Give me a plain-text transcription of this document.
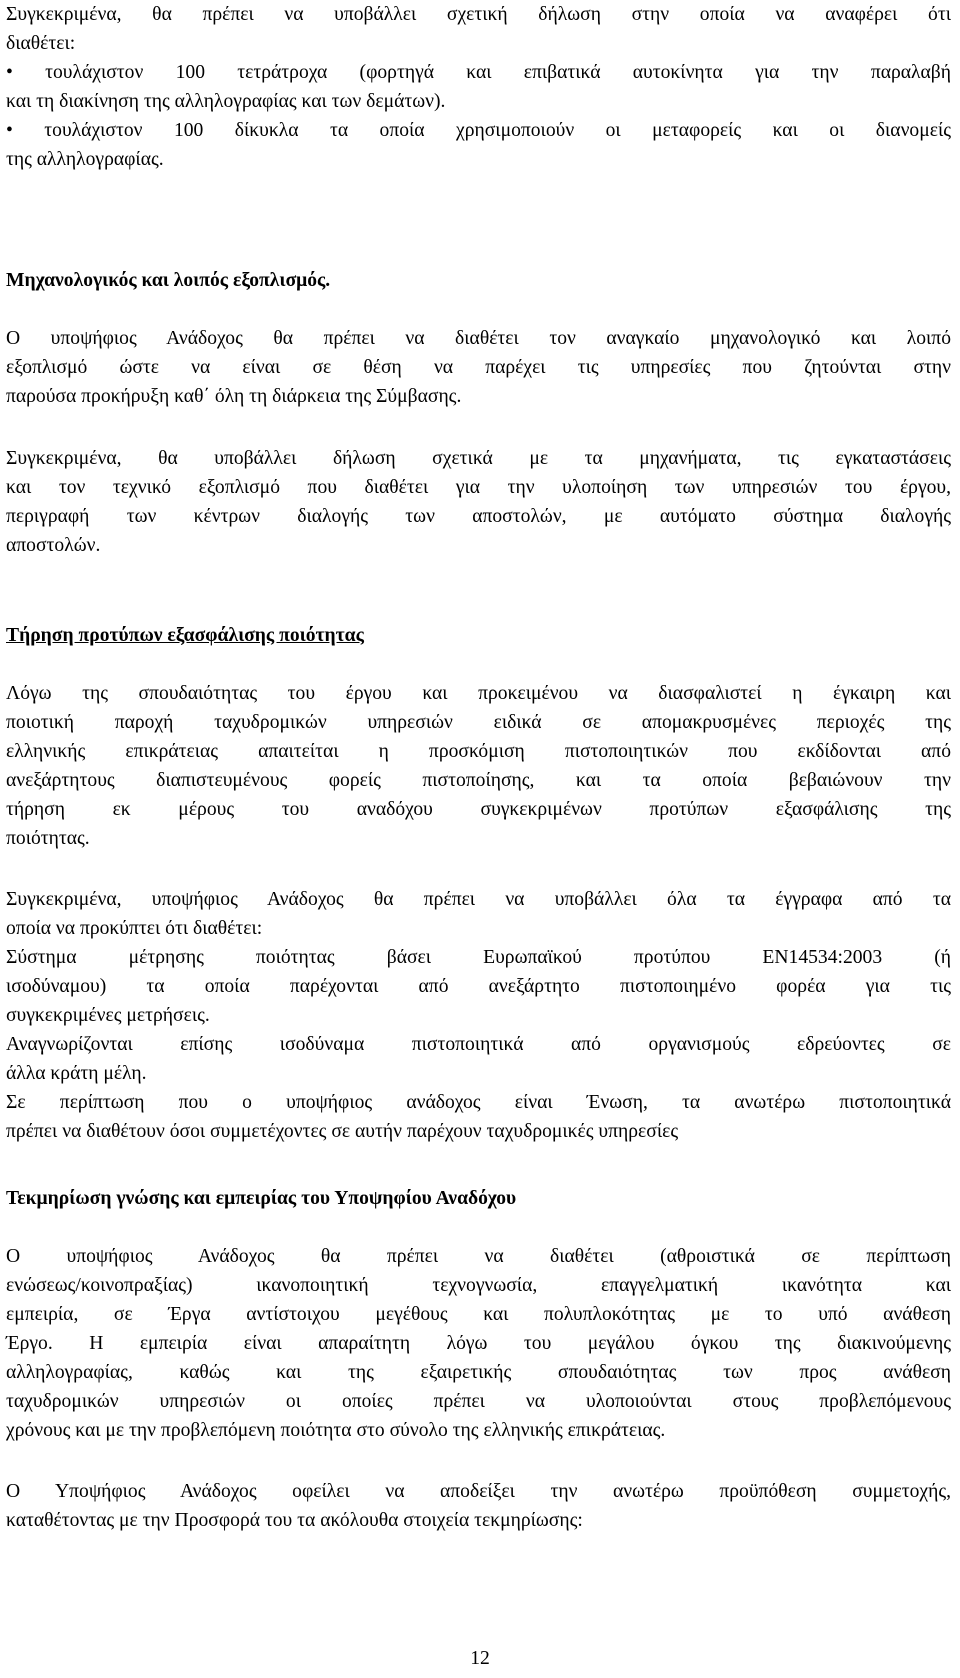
Συγκεκριμένα, θα πρέπει να υποβάλλει σχετική δήλωση στην οποία να αναφέρει ότι
διαθέτει:
• τουλάχιστον 100 τετράτροχα (φορτηγά και επιβατικά αυτοκίνητα για την παραλαβή
και τη διακίνηση της αλληλογραφίας και των δεμάτων).
• τουλάχιστον 100 δίκυκλα τα οποία χρησιμοποιούν οι μεταφορείς και οι διανομείς
της αλληλογραφίας.
Μηχανολογικός και λοιπός εξοπλισμός.
Ο υποψήφιος Ανάδοχος θα πρέπει να διαθέτει τον αναγκαίο μηχανολογικό και λοιπό
εξοπλισμό ώστε να είναι σε θέση να παρέχει τις υπηρεσίες που ζητούνται στην
παρούσα προκήρυξη καθ΄ όλη τη διάρκεια της Σύμβασης.
Συγκεκριμένα, θα υποβάλλει δήλωση σχετικά με τα μηχανήματα, τις εγκαταστάσεις
και τον τεχνικό εξοπλισμό που διαθέτει για την υλοποίηση των υπηρεσιών του έργου,
περιγραφή των κέντρων διαλογής των αποστολών, με αυτόματο σύστημα διαλογής
αποστολών.
Τήρηση προτύπων εξασφάλισης ποιότητας
Λόγω της σπουδαιότητας του έργου και προκειμένου να διασφαλιστεί η έγκαιρη και
ποιοτική παροχή ταχυδρομικών υπηρεσιών ειδικά σε απομακρυσμένες περιοχές της
ελληνικής επικράτειας απαιτείται η προσκόμιση πιστοποιητικών που εκδίδονται από
ανεξάρτητους διαπιστευμένους φορείς πιστοποίησης, και τα οποία βεβαιώνουν την
τήρηση εκ μέρους του αναδόχου συγκεκριμένων προτύπων εξασφάλισης της
ποιότητας.
Συγκεκριμένα, υποψήφιος Ανάδοχος θα πρέπει να υποβάλλει όλα τα έγγραφα από τα
οποία να προκύπτει ότι διαθέτει:
Σύστημα μέτρησης ποιότητας βάσει Ευρωπαϊκού προτύπου ΕΝ14534:2003 (ή
ισοδύναμου) τα οποία παρέχονται από ανεξάρτητο πιστοποιημένο φορέα για τις
συγκεκριμένες μετρήσεις.
Αναγνωρίζονται επίσης ισοδύναμα πιστοποιητικά από οργανισμούς εδρεύοντες σε
άλλα κράτη μέλη.
Σε περίπτωση που ο υποψήφιος ανάδοχος είναι Ένωση, τα ανωτέρω πιστοποιητικά
πρέπει να διαθέτουν όσοι συμμετέχοντες σε αυτήν παρέχουν ταχυδρομικές υπηρεσίες
Τεκμηρίωση γνώσης και εμπειρίας του Υποψηφίου Αναδόχου
Ο υποψήφιος Ανάδοχος θα πρέπει να διαθέτει (αθροιστικά σε περίπτωση
ενώσεως/κοινοπραξίας) ικανοποιητική τεχνογνωσία, επαγγελματική ικανότητα και
εμπειρία, σε Έργα αντίστοιχου μεγέθους και πολυπλοκότητας με το υπό ανάθεση
Έργο. Η εμπειρία είναι απαραίτητη λόγω του μεγάλου όγκου της διακινούμενης
αλληλογραφίας, καθώς και της εξαιρετικής σπουδαιότητας των προς ανάθεση
ταχυδρομικών υπηρεσιών οι οποίες πρέπει να υλοποιούνται στους προβλεπόμενους
χρόνους και με την προβλεπόμενη ποιότητα στο σύνολο της ελληνικής επικράτειας.
Ο Υποψήφιος Ανάδοχος οφείλει να αποδείξει την ανωτέρω προϋπόθεση συμμετοχής,
καταθέτοντας με την Προσφορά του τα ακόλουθα στοιχεία τεκμηρίωσης:
12
